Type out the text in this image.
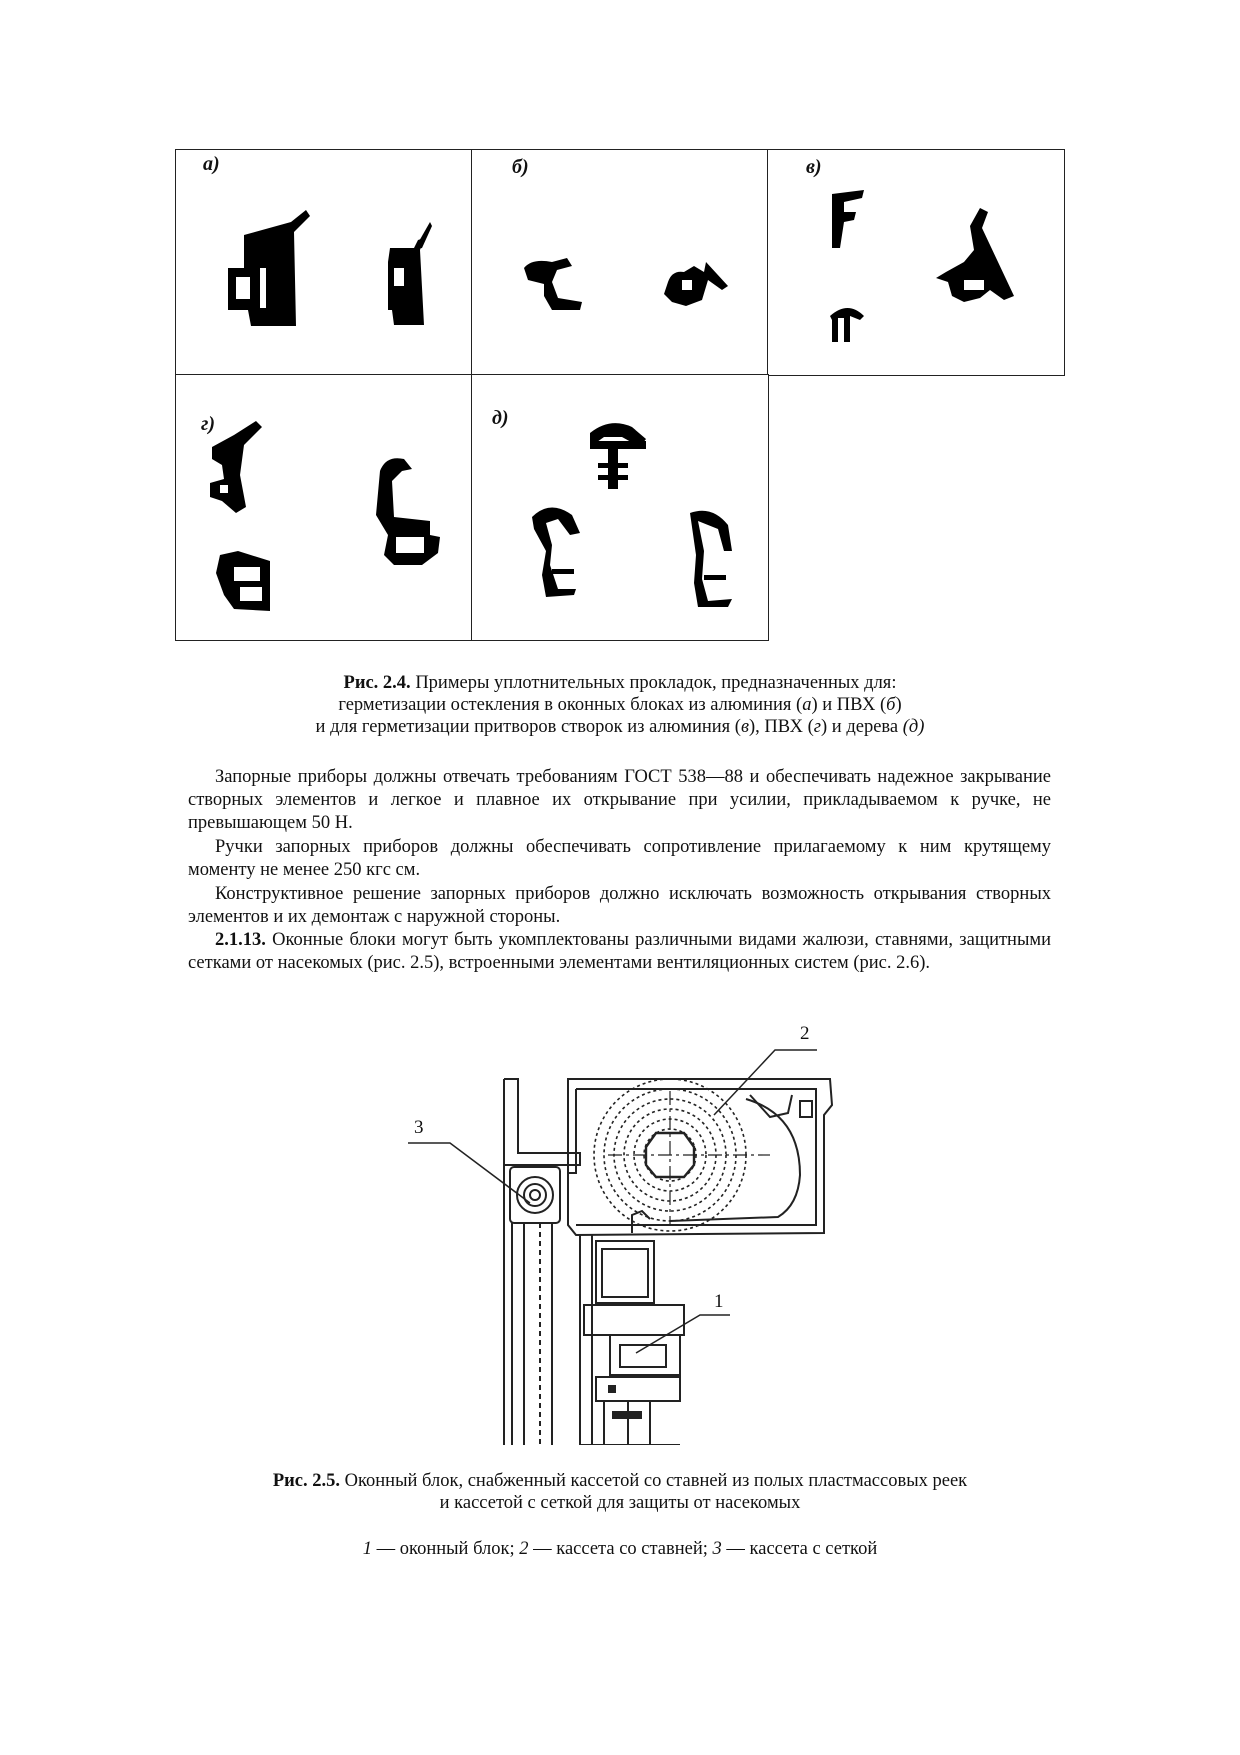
а)	б)	в)
г)	д)
Рис. 2.4. Примеры уплотнительных прокладок, предназначенных для:
герметизации остекления в оконных блоках из алюминия (а) и ПВХ (б)
и для герметизации притворов створок из алюминия (в), ПВХ (г) и дерева (д)
Запорные приборы должны отвечать требованиям ГОСТ 538—88 и обеспечивать надежное закрывание створных элементов и легкое и плавное их открывание при усилии, прикладываемом к ручке, не превышающем 50 Н.
Ручки запорных приборов должны обеспечивать сопротивление прилагаемому к ним крутящему моменту не менее 250 кгс см.
Конструктивное решение запорных приборов должно исключать возможность открывания створных элементов и их демонтаж с наружной стороны.
2.1.13. Оконные блоки могут быть укомплектованы различными видами жалюзи, ставнями, защитными сетками от насекомых (рис. 2.5), встроенными элементами вентиляционных систем (рис. 2.6).
2
1
3
Рис. 2.5. Оконный блок, снабженный кассетой со ставней из полых пластмассовых реек
и кассетой с сеткой для защиты от насекомых
1 — оконный блок; 2 — кассета со ставней; 3 — кассета с сеткой
